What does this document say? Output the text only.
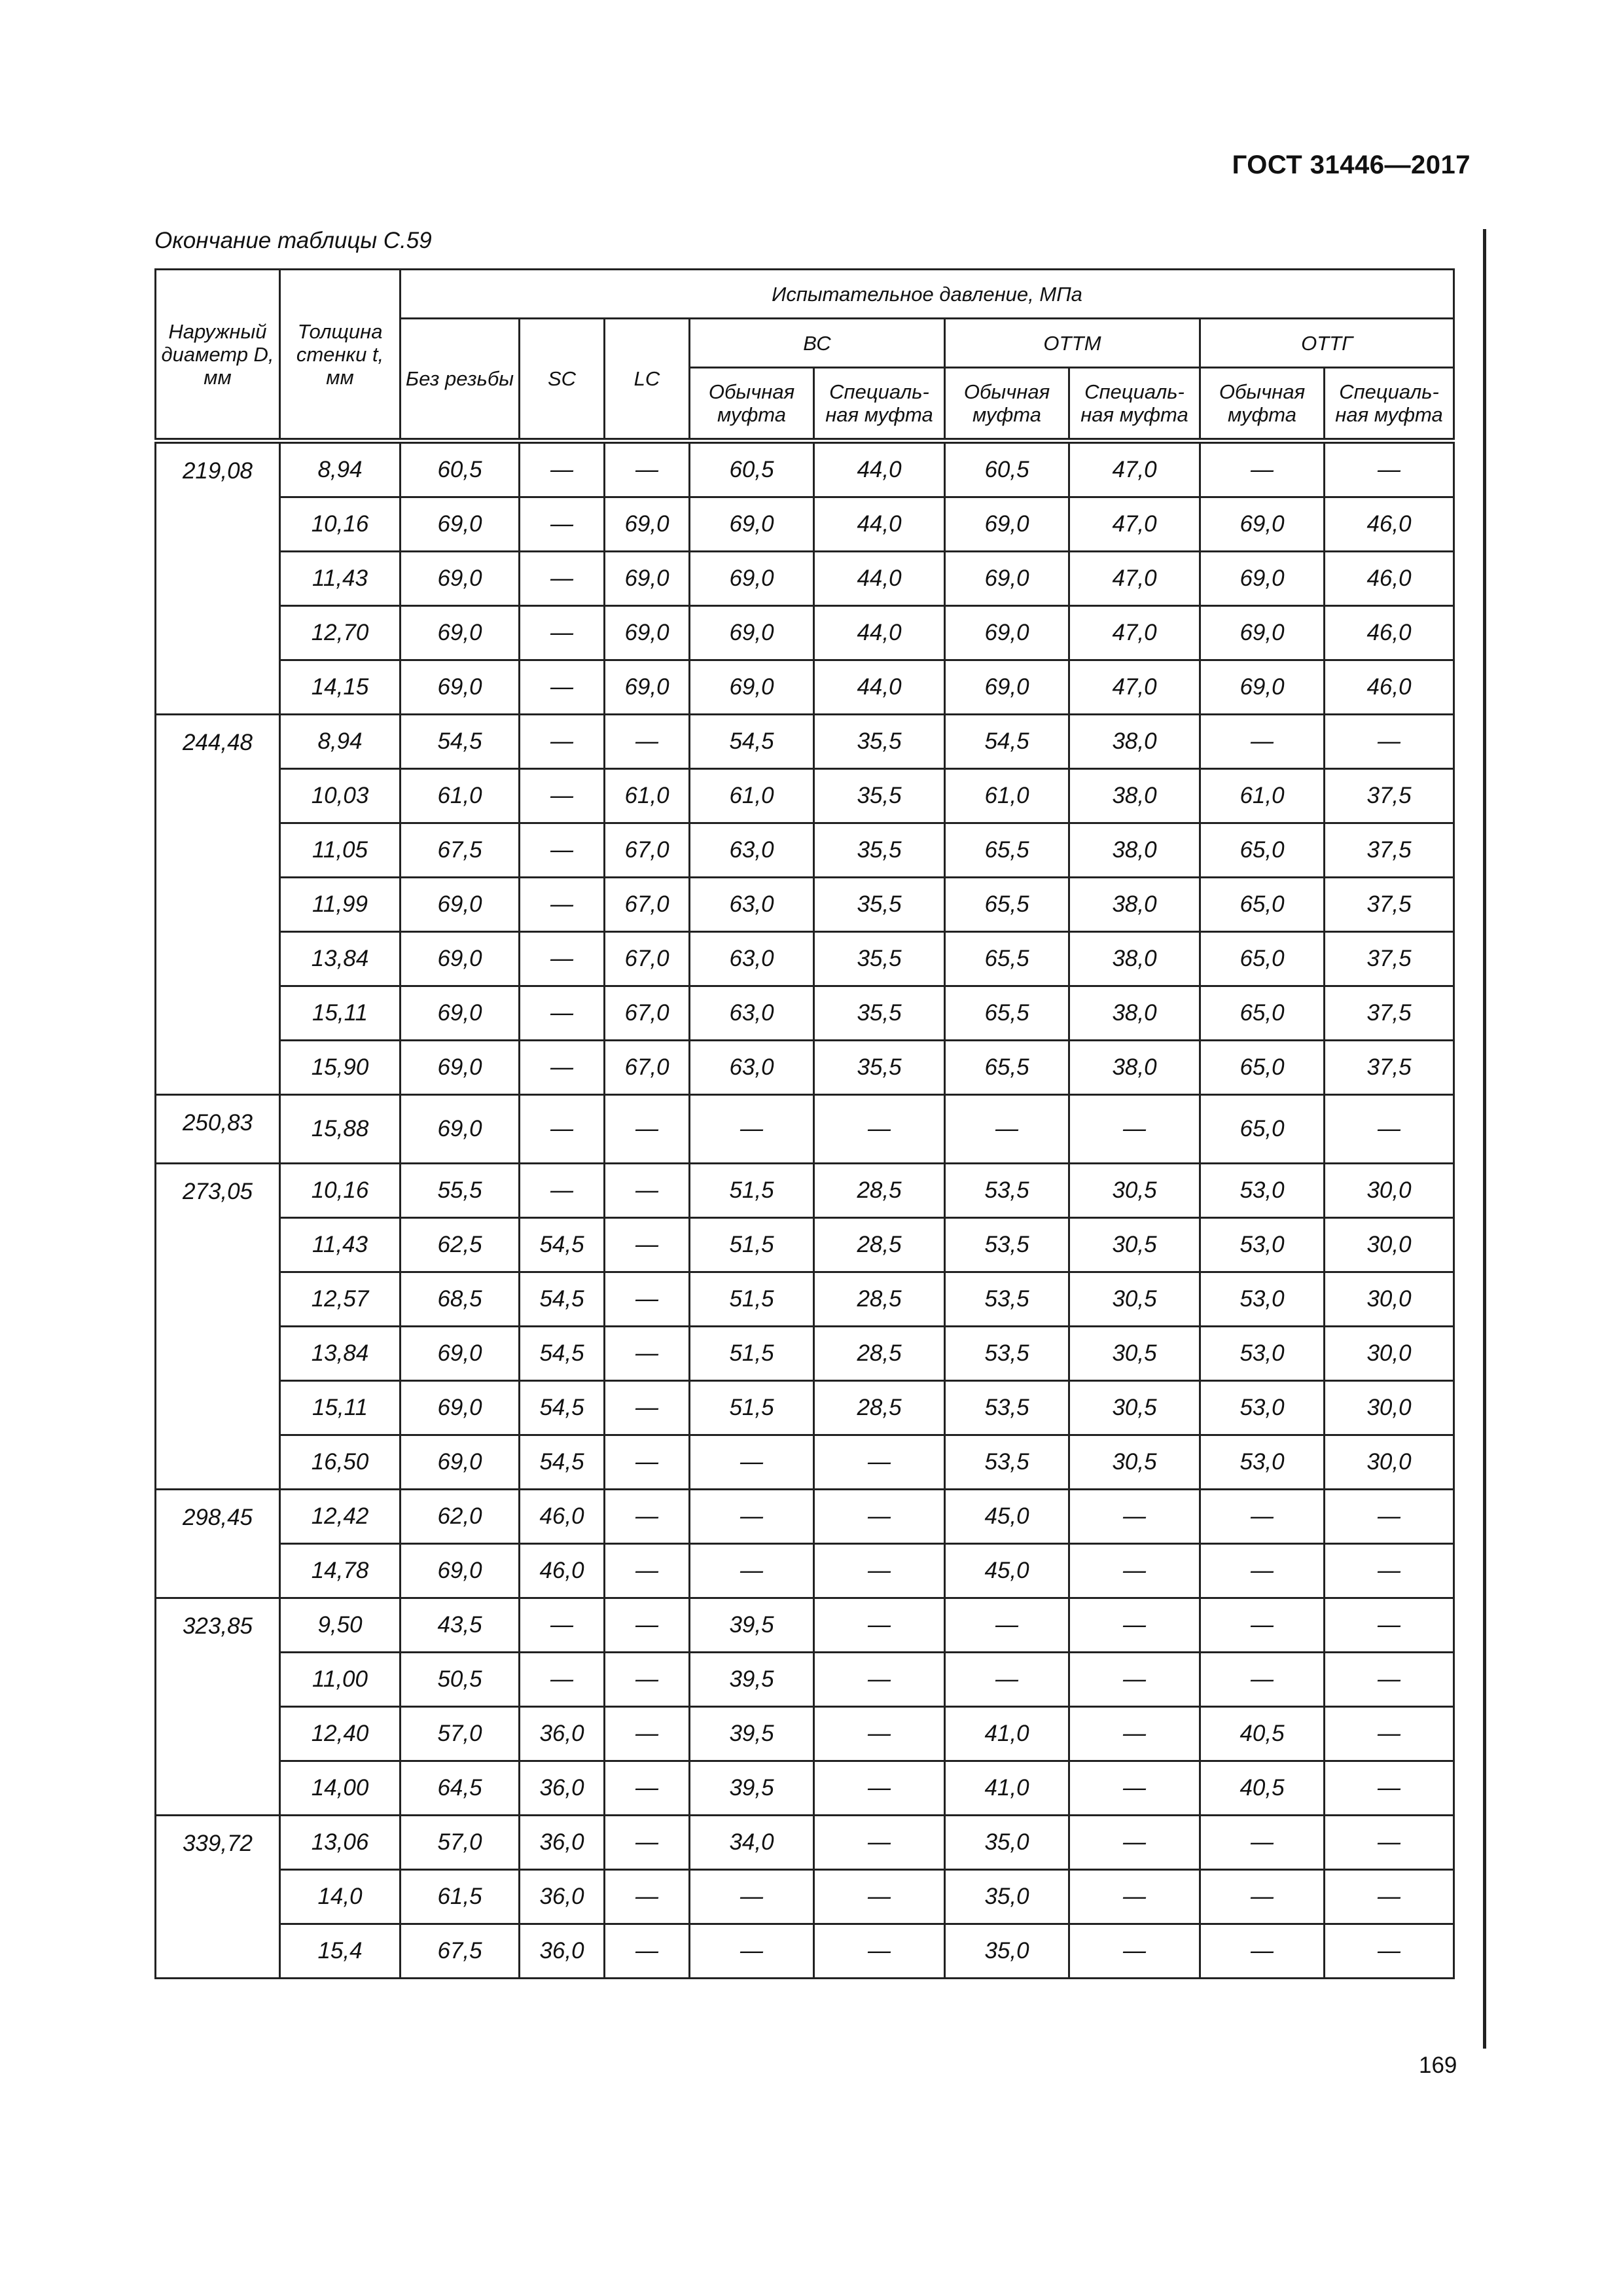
ГОСТ 31446—2017
Окончание таблицы С.59
Наружный диаметр D, мм	Толщина стенки t, мм	Испытательное давление, МПа								
		Без резьбы	SC	LC	ВС		ОТТМ		ОТТГ	
					Обычная муфта	Специаль-ная муфта	Обычная муфта	Специаль-ная муфта	Обычная муфта	Специаль-ная муфта
219,08	8,94	60,5	—	—	60,5	44,0	60,5	47,0	—	—
	10,16	69,0	—	69,0	69,0	44,0	69,0	47,0	69,0	46,0
	11,43	69,0	—	69,0	69,0	44,0	69,0	47,0	69,0	46,0
	12,70	69,0	—	69,0	69,0	44,0	69,0	47,0	69,0	46,0
	14,15	69,0	—	69,0	69,0	44,0	69,0	47,0	69,0	46,0
244,48	8,94	54,5	—	—	54,5	35,5	54,5	38,0	—	—
	10,03	61,0	—	61,0	61,0	35,5	61,0	38,0	61,0	37,5
	11,05	67,5	—	67,0	63,0	35,5	65,5	38,0	65,0	37,5
	11,99	69,0	—	67,0	63,0	35,5	65,5	38,0	65,0	37,5
	13,84	69,0	—	67,0	63,0	35,5	65,5	38,0	65,0	37,5
	15,11	69,0	—	67,0	63,0	35,5	65,5	38,0	65,0	37,5
	15,90	69,0	—	67,0	63,0	35,5	65,5	38,0	65,0	37,5
250,83	15,88	69,0	—	—	—	—	—	—	65,0	—
273,05	10,16	55,5	—	—	51,5	28,5	53,5	30,5	53,0	30,0
	11,43	62,5	54,5	—	51,5	28,5	53,5	30,5	53,0	30,0
	12,57	68,5	54,5	—	51,5	28,5	53,5	30,5	53,0	30,0
	13,84	69,0	54,5	—	51,5	28,5	53,5	30,5	53,0	30,0
	15,11	69,0	54,5	—	51,5	28,5	53,5	30,5	53,0	30,0
	16,50	69,0	54,5	—	—	—	53,5	30,5	53,0	30,0
298,45	12,42	62,0	46,0	—	—	—	45,0	—	—	—
	14,78	69,0	46,0	—	—	—	45,0	—	—	—
323,85	9,50	43,5	—	—	39,5	—	—	—	—	—
	11,00	50,5	—	—	39,5	—	—	—	—	—
	12,40	57,0	36,0	—	39,5	—	41,0	—	40,5	—
	14,00	64,5	36,0	—	39,5	—	41,0	—	40,5	—
339,72	13,06	57,0	36,0	—	34,0	—	35,0	—	—	—
	14,0	61,5	36,0	—	—	—	35,0	—	—	—
	15,4	67,5	36,0	—	—	—	35,0	—	—	—
169
